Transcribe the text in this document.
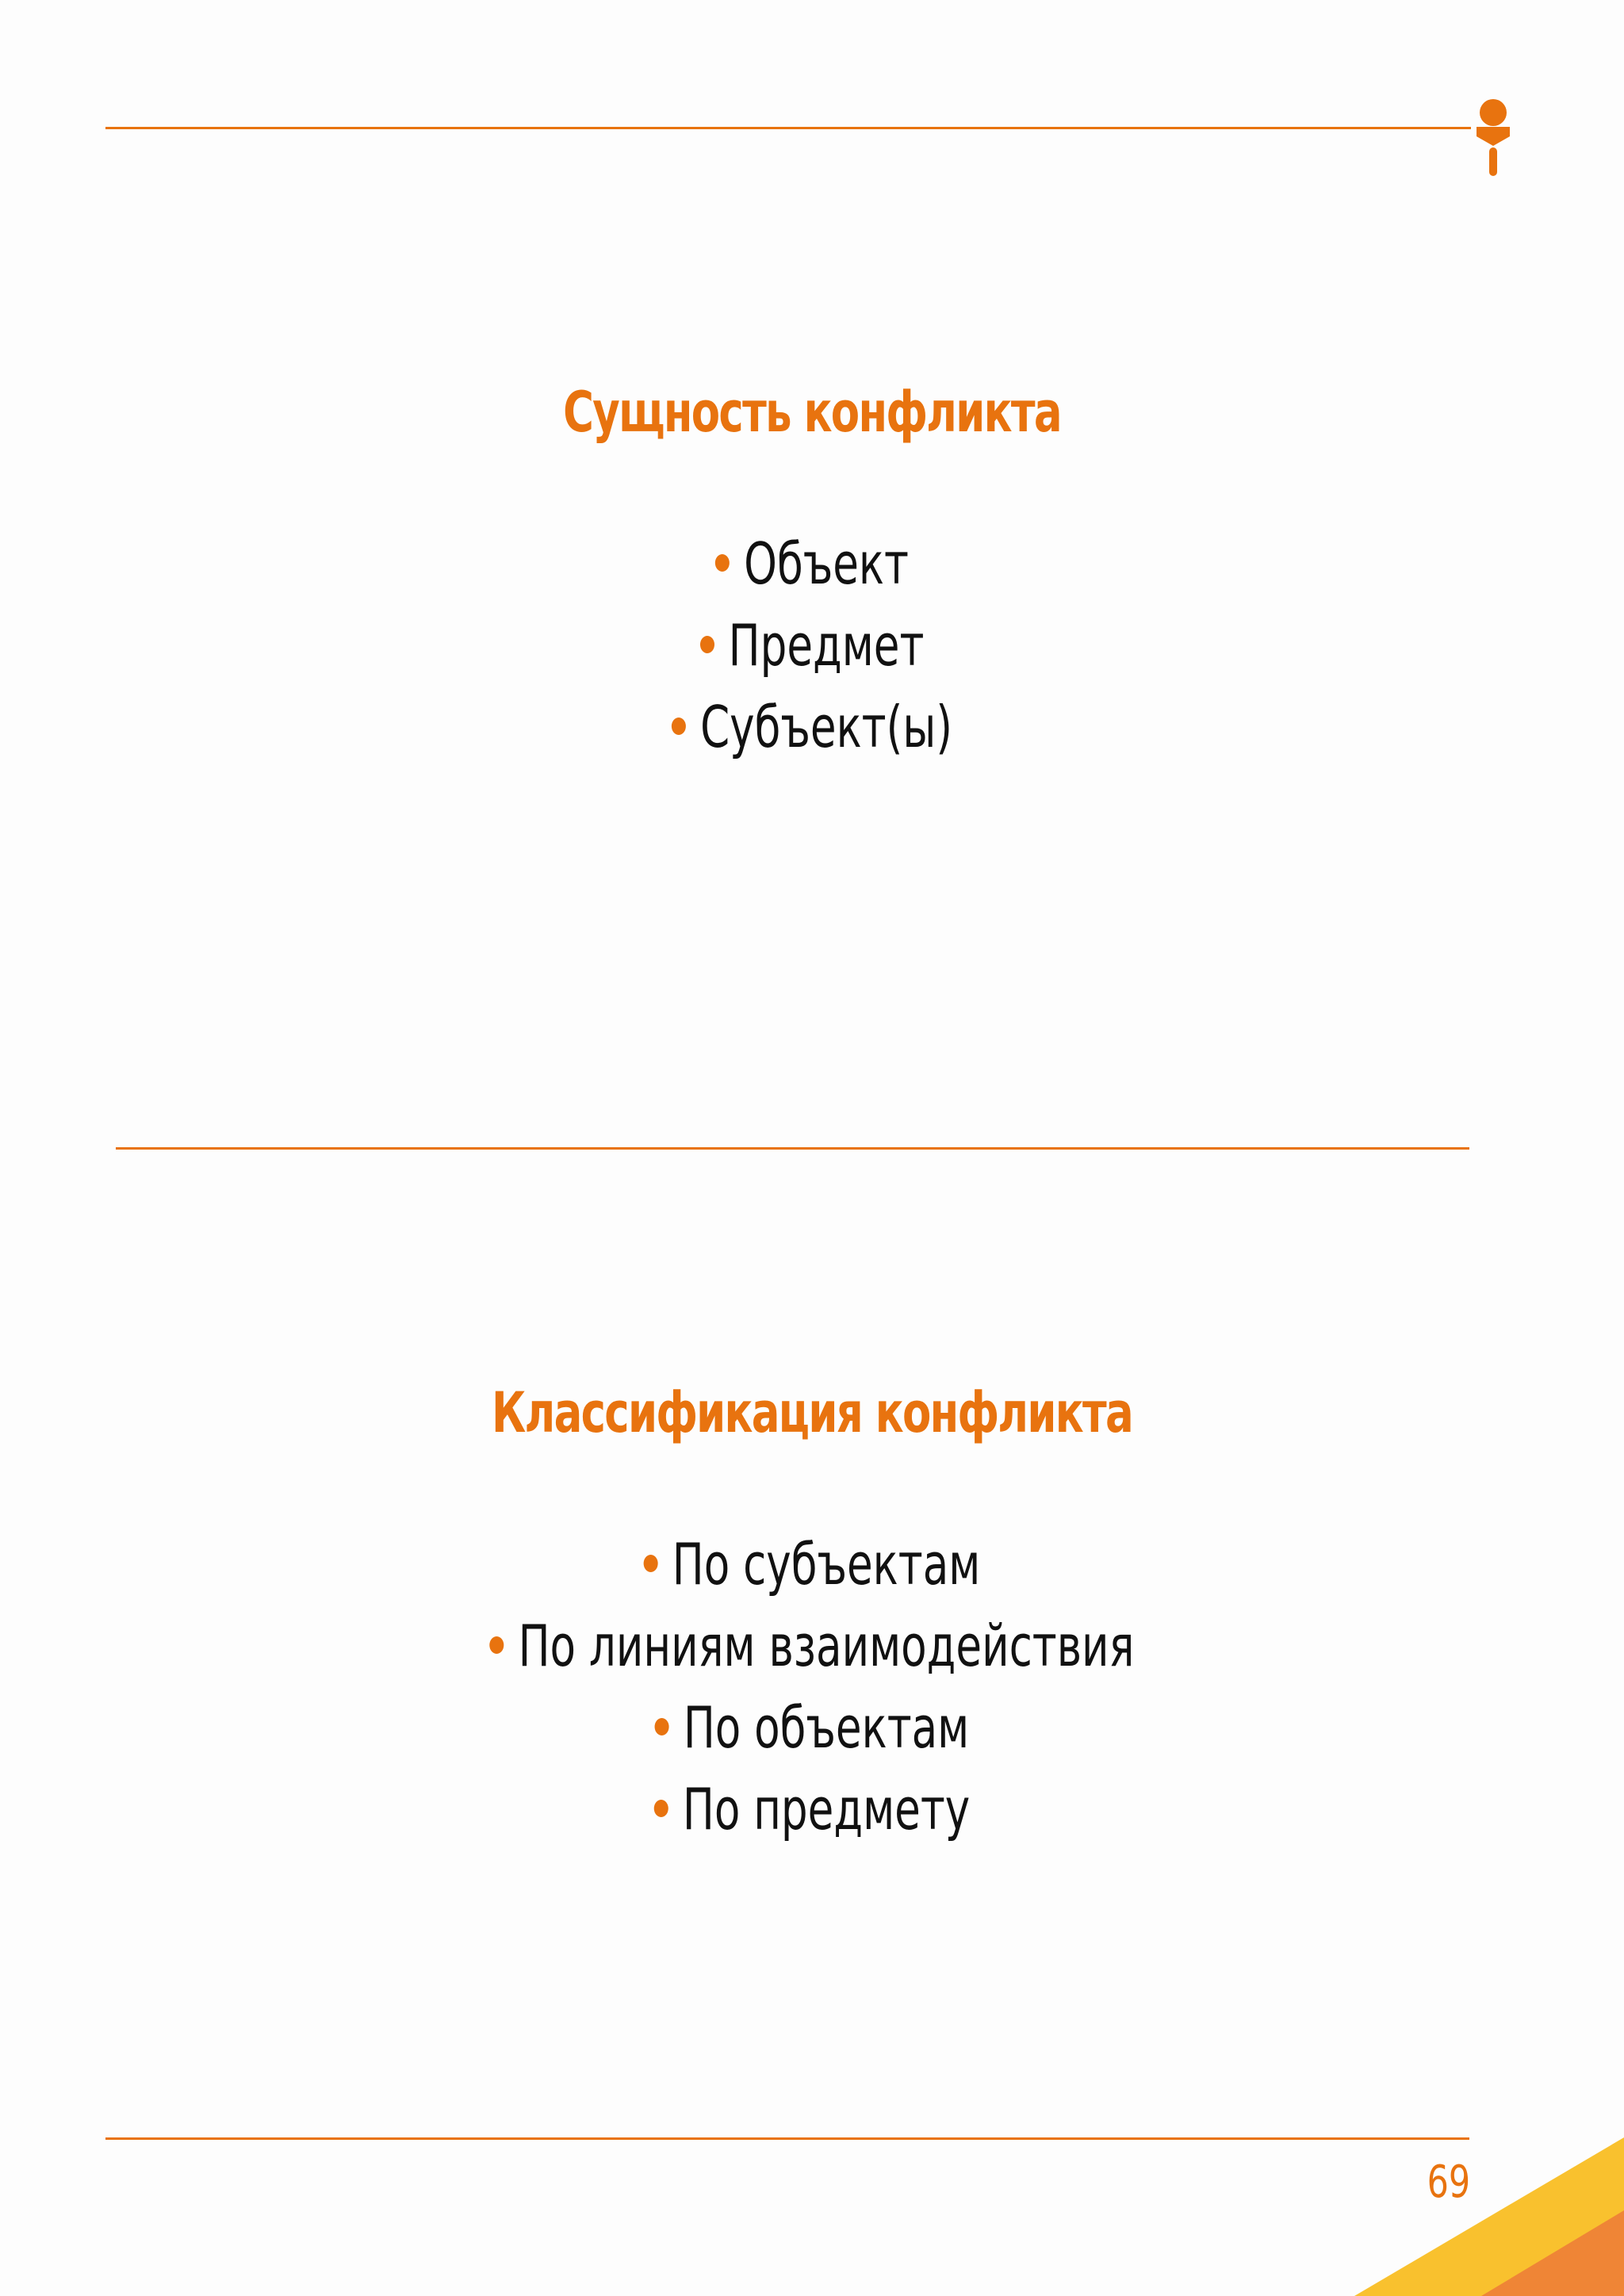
Сущность конфликта
Объект
Предмет
Субъект(ы)
Классификация конфликта
По субъектам
По линиям взаимодействия
По объектам
По предмету
69
